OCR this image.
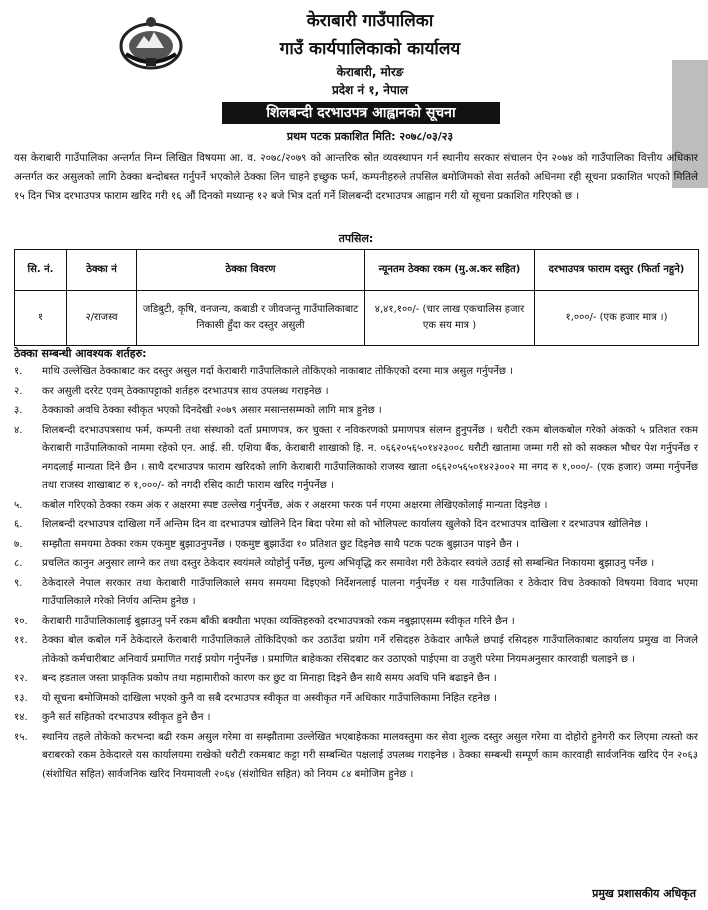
केराबारी गाउँपालिका
गाउँ कार्यपालिकाको कार्यालय
केराबारी, मोरङ
प्रदेश नं १, नेपाल
शिलबन्दी दरभाउपत्र आह्वानको सूचना
प्रथम पटक प्रकाशित मिति: २०७८/०३/२३

यस केराबारी गाउँपालिका अन्तर्गत निम्न लिखित विषयमा आ. व. २०७८/२०७९ को आन्तरिक स्रोत व्यवस्थापन गर्न स्थानीय सरकार संचालन ऐन २०७४ को गाउँपालिका वित्तीय अधिकार अन्तर्गत कर असुलको लागि ठेक्का बन्दोबस्त गर्नुपर्ने भएकोले ठेक्का लिन चाहने इच्छुक फर्म, कम्पनीहरुले तपसिल बमोजिमको सेवा सर्तको अधिनमा रही सूचना प्रकाशित भएको मितिले १५ दिन भित्र दरभाउपत्र फाराम खरिद गरी १६ औं दिनको मध्यान्ह १२ बजे भित्र दर्ता गर्ने शिलबन्दी दरभाउपत्र आह्वान गरी यो सूचना प्रकाशित गरिएको छ ।

तपसिल:
सि. नं.	ठेक्का नं	ठेक्का विवरण	न्यूनतम ठेक्का रकम (मु.अ.कर सहित)	दरभाउपत्र फाराम दस्तुर (फिर्ता नहुने)
१	२/राजस्व	जडिबुटी, कृषि, वनजन्य, कबाडी र जीवजन्तु गाउँपालिकाबाट निकासी हुँदा कर दस्तुर असुली	४,४१,१००/- (चार लाख एकचालिस हजार एक सय मात्र )	१,०००/- (एक हजार मात्र ।)
ठेक्का सम्बन्धी आवश्यक शर्तहरु:
१.	माथि उल्लेखित ठेक्काबाट कर दस्तुर असुल गर्दा केराबारी गाउँपालिकाले तोकिएको नाकाबाट तोकिएको दरमा मात्र असुल गर्नुपर्नेछ ।
२.	कर असुली दररेट एवम् ठेक्कापट्टाको शर्तहरु दरभाउपत्र साथ उपलब्ध गराइनेछ ।
३.	ठेक्काको अवधि ठेक्का स्वीकृत भएको दिनदेखी २०७९ असार मसान्तसम्मको लागि मात्र हुनेछ ।
४.	शिलबन्दी दरभाउपत्रसाथ फर्म, कम्पनी तथा संस्थाको दर्ता प्रमाणपत्र, कर चुक्ता र नविकरणको प्रमाणपत्र संलग्न हुनुपर्नेछ । धरौटी रकम बोलकबोल गरेको अंकको ५ प्रतिशत रकम केराबारी गाउँपालिकाको नाममा रहेको एन. आई. सी. एशिया बैंक, केराबारी शाखाको हि. न. ०६६२०५६५०१४२३००८ धरौटी खातामा जम्मा गरी सो को सक्कल भौचर पेश गर्नुपर्नेछ र नगदलाई मान्यता दिने छैन । साथै दरभाउपत्र फाराम खरिदको लागि केराबारी गाउँपालिकाको राजस्व खाता ०६६२०५६५०१४२३००२ मा नगद रु १,०००/- (एक हजार) जम्मा गर्नुपर्नेछ तथा राजस्व शाखाबाट रु १,०००/- को नगदी रसिद काटी फाराम खरिद गर्नुपर्नेछ ।
५.	कबोल गरिएको ठेक्का रकम अंक र अक्षरमा स्पष्ट उल्लेख गर्नुपर्नेछ, अंक र अक्षरमा फरक पर्न गएमा अक्षरमा लेखिएकोलाई मान्यता दिइनेछ ।
६.	शिलबन्दी दरभाउपत्र दाखिला गर्ने अन्तिम दिन वा दरभाउपत्र खोलिने दिन बिदा परेमा सो को भोलिपल्ट कार्यालय खुलेको दिन दरभाउपत्र दाखिला र दरभाउपत्र खोलिनेछ ।
७.	सम्झौता समयमा ठेक्का रकम एकमुष्ट बुझाउनुपर्नेछ । एकमुष्ट बुझाउँदा १० प्रतिशत छुट दिइनेछ साथै पटक पटक बुझाउन पाइने छैन ।
८.	प्रचलित कानुन अनुसार लाग्ने कर तथा दस्तुर ठेकेदार स्वयंमले व्योहोर्नु पर्नेछ, मुल्य अभिवृद्धि कर समावेश गरी ठेकेदार स्वयंले उठाई सो सम्बन्धित निकायमा बुझाउनु पर्नेछ ।
९.	ठेकेदारले नेपाल सरकार तथा केराबारी गाउँपालिकाले समय समयमा दिइएको निर्देशनलाई पालना गर्नुपर्नेछ र यस गाउँपालिका र ठेकेदार विच ठेक्काको विषयमा विवाद भएमा गाउँपालिकाले गरेको निर्णय अन्तिम हुनेछ ।
१०.	केराबारी गाउँपालिकालाई बुझाउनु पर्ने रकम बाँकी बक्यौता भएका व्यक्तिहरुको दरभाउपत्रको रकम नबुझाएसम्म स्वीकृत गरिने छैन ।
११.	ठेक्का बोल कबोल गर्ने ठेकेदारले केराबारी गाउँपालिकाले तोकिदिएको कर उठाउँदा प्रयोग गर्ने रसिदहरु ठेकेदार आफैले छपाई रसिदहरु गाउँपालिकाबाट कार्यालय प्रमुख वा निजले तोकेको कर्मचारीबाट अनिवार्य प्रमाणित गराई प्रयोग गर्नुपर्नेछ । प्रमाणित बाहेकका रसिदबाट कर उठाएको पाईएमा वा उजुरी परेमा नियमअनुसार कारवाही चलाइने छ ।
१२.	बन्द हडताल जस्ता प्राकृतिक प्रकोप तथा महामारीको कारण कर छुट वा मिनाहा दिइने छैन साथै समय अवधि पनि बढाइने छैन ।
१३.	यो सूचना बमोजिमको दाखिला भएको कुनै वा सबै दरभाउपत्र स्वीकृत वा अस्वीकृत गर्ने अधिकार गाउँपालिकामा निहित रहनेछ ।
१४.	कुनै सर्त सहितको दरभाउपत्र स्वीकृत हुने छैन ।
१५.	स्थानिय तहले तोकेको करभन्दा बढी रकम असुल गरेमा वा सम्झौतामा उल्लेखित भएबाहेकका मालवस्तुमा कर सेवा शुल्क दस्तुर असुल गरेमा वा दोहोरो हुनेगरी कर लिएमा त्यस्तो कर बराबरको रकम ठेकेदारले यस कार्यालयमा राखेको धरौटी रकमबाट कट्टा गरी सम्बन्धित पक्षलाई उपलब्ध गराइनेछ । ठेक्का सम्बन्धी सम्पूर्ण काम कारवाही सार्वजनिक खरिद ऐन २०६३ (संशोधित सहित) सार्वजनिक खरिद नियमावली २०६४ (संशोधित सहित) को नियम ८४ बमोजिम हुनेछ ।
प्रमुख प्रशासकीय अधिकृत
